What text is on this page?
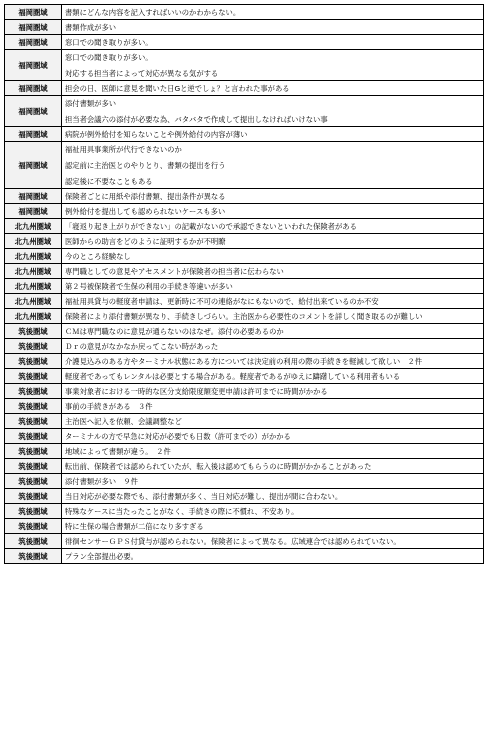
福岡圏域	書類にどんな内容を記入すればいいのかわからない。

福岡圏域	書類作成が多い

福岡圏域	窓口での聞き取りが多い。

福岡圏域	窓口での聞き取りが多い。
対応する担当者によって対応が異なる気がする

福岡圏域	担会の日、医師に意見を聞いた日Gと逆でしょ？と言われた事がある

福岡圏域	添付書類が多い
担当者会議六の添付が必要な為、バタバタで作成して提出しなければいけない事

福岡圏域	病院が例外給付を知らないことや例外給付の内容が薄い

福岡圏域	福祉用具事業所が代行できないのか
認定前に主治医とのやりとり、書類の提出を行う
認定後に不要なこともある

福岡圏域	保険者ごとに用紙や添付書類、提出条件が異なる

福岡圏域	例外給付を提出しても認められないケースも多い

北九州圏域	「寝返り起き上がりができない」の記載がないので承認できないといわれた保険者がある

北九州圏域	医師からの助言をどのように証明するかが不明瞭

北九州圏域	今のところ経験なし

北九州圏域	専門職としての意見やアセスメントが保険者の担当者に伝わらない

北九州圏域	第２号被保険者で生保の利用の手続き等違いが多い

北九州圏域	福祉用具貸与の軽度者申請は、更新時に不可の連絡がなにもないので、給付出来ているのか不安

北九州圏域	保険者により添付書類が異なり、手続きしづらい。主治医から必要性のコメントを詳しく聞き取るのが難しい

筑後圏域	ＣＭは専門職なのに意見が通らないのはなぜ。添付の必要あるのか

筑後圏域	Ｄｒの意見がなかなか戻ってこない時があった

筑後圏域	介護見込みのある方やターミナル状態にある方については決定前の利用の際の手続きを軽減して欲しい　２件

筑後圏域	軽度者であってもレンタルは必要とする場合がある。軽度者であるがゆえに躊躇している利用者もいる

筑後圏域	事業対象者における一時的な区分支給限度額変更申請は許可までに時間がかかる

筑後圏域	事前の手続きがある　３件

筑後圏域	主治医へ記入を依頼、会議調整など

筑後圏域	ターミナルの方で早急に対応が必要でも日数（許可までの）がかかる

筑後圏域	地域によって書類が違う。　２件

筑後圏域	転出前、保険者では認められていたが、転入後は認めてもらうのに時間がかかることがあった

筑後圏域	添付書類が多い　９件

筑後圏域	当日対応が必要な際でも、添付書類が多く、当日対応が難し、提出が間に合わない。

筑後圏域	特殊なケースに当たったことがなく、手続きの際に不慣れ、不安あり。

筑後圏域	特に生保の場合書類が二倍になり多すぎる

筑後圏域	徘徊センサーＧＰＳ付貸与が認められない。保険者によって異なる。広域連合では認められていない。

筑後圏域	プラン全部提出必要。
